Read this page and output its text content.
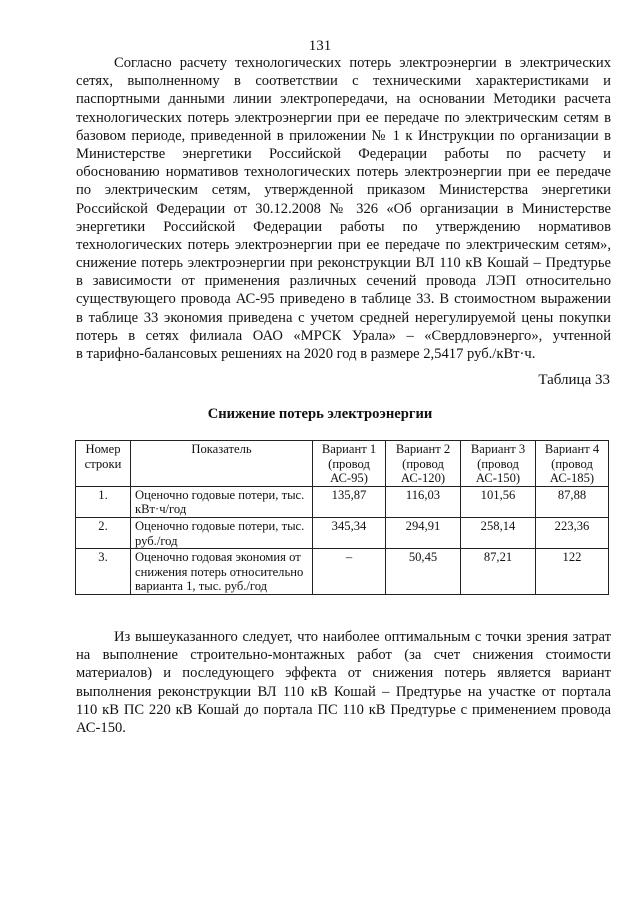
131
Согласно расчету технологических потерь электроэнергии в электрических
сетях, выполненному в соответствии с техническими характеристиками и
паспортными данными линии электропередачи, на основании Методики расчета
технологических потерь электроэнергии при ее передаче по электрическим сетям в
базовом периоде, приведенной в приложении № 1 к Инструкции по организации в
Министерстве энергетики Российской Федерации работы по расчету и
обоснованию нормативов технологических потерь электроэнергии при ее передаче
по электрическим сетям, утвержденной приказом Министерства энергетики
Российской Федерации от 30.12.2008 № 326 «Об организации в Министерстве
энергетики Российской Федерации работы по утверждению нормативов
технологических потерь электроэнергии при ее передаче по электрическим сетям»,
снижение потерь электроэнергии при реконструкции ВЛ 110 кВ Кошай – Предтурье
в зависимости от применения различных сечений провода ЛЭП относительно
существующего провода АС-95 приведено в таблице 33. В стоимостном выражении
в таблице 33 экономия приведена с учетом средней нерегулируемой цены покупки
потерь в сетях филиала ОАО «МРСК Урала» – «Свердловэнерго», учтенной
в тарифно-балансовых решениях на 2020 год в размере 2,5417 руб./кВт·ч.
Таблица 33
Снижение потерь электроэнергии
Номер строки	Показатель	Вариант 1 (провод АС-95)	Вариант 2 (провод АС-120)	Вариант 3 (провод АС-150)	Вариант 4 (провод АС-185)
1.	Оценочно годовые потери, тыс. кВт·ч/год	135,87	116,03	101,56	87,88
2.	Оценочно годовые потери, тыс. руб./год	345,34	294,91	258,14	223,36
3.	Оценочно годовая экономия от снижения потерь относительно варианта 1, тыс. руб./год	–	50,45	87,21	122
Из вышеуказанного следует, что наиболее оптимальным с точки зрения затрат
на выполнение строительно-монтажных работ (за счет снижения стоимости
материалов) и последующего эффекта от снижения потерь является вариант
выполнения реконструкции ВЛ 110 кВ Кошай – Предтурье на участке от портала
110 кВ ПС 220 кВ Кошай до портала ПС 110 кВ Предтурье с применением провода
АС-150.
